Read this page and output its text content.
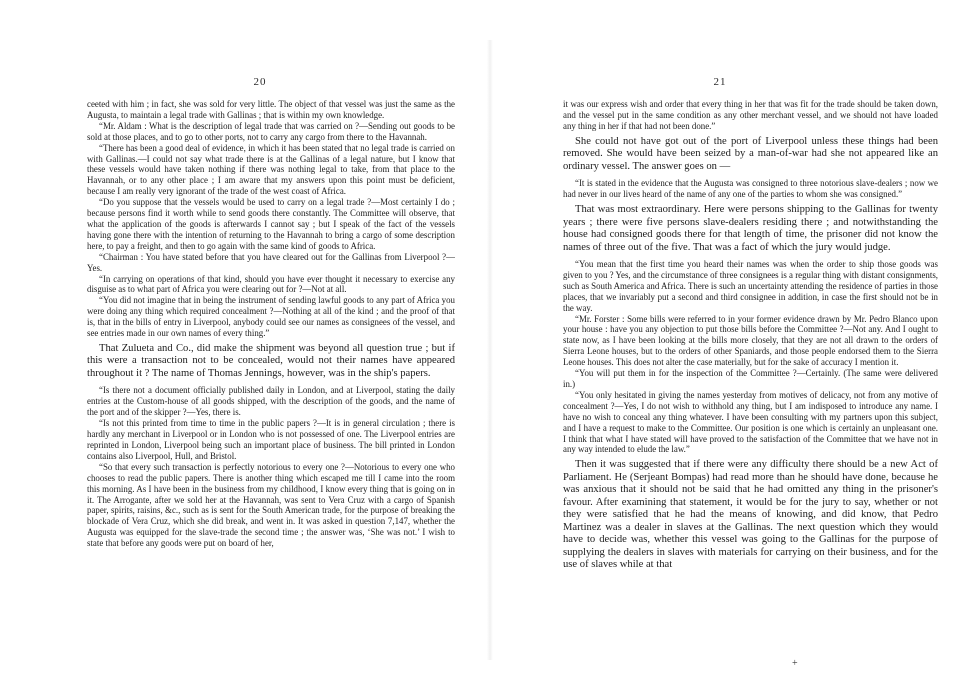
20

ceeted with him ; in fact, she was sold for very little. The object of that vessel was just the same as the Augusta, to maintain a legal trade with Gallinas ; that is within my own knowledge.

“Mr. Aldam : What is the description of legal trade that was carried on ?—Sending out goods to be sold at those places, and to go to other ports, not to carry any cargo from there to the Havannah.

“There has been a good deal of evidence, in which it has been stated that no legal trade is carried on with Gallinas.—I could not say what trade there is at the Gallinas of a legal nature, but I know that these vessels would have taken nothing if there was nothing legal to take, from that place to the Havannah, or to any other place ; I am aware that my answers upon this point must be deficient, because I am really very ignorant of the trade of the west coast of Africa.

“Do you suppose that the vessels would be used to carry on a legal trade ?—Most certainly I do ; because persons find it worth while to send goods there constantly. The Committee will observe, that what the application of the goods is afterwards I cannot say ; but I speak of the fact of the vessels having gone there with the intention of returning to the Havannah to bring a cargo of some description here, to pay a freight, and then to go again with the same kind of goods to Africa.

“Chairman : You have stated before that you have cleared out for the Gallinas from Liverpool ?—Yes.

“In carrying on operations of that kind, should you have ever thought it necessary to exercise any disguise as to what part of Africa you were clearing out for ?—Not at all.

“You did not imagine that in being the instrument of sending lawful goods to any part of Africa you were doing any thing which required concealment ?—Nothing at all of the kind ; and the proof of that is, that in the bills of entry in Liverpool, anybody could see our names as consignees of the vessel, and see entries made in our own names of every thing.”

That Zulueta and Co., did make the shipment was beyond all question true ; but if this were a transaction not to be concealed, would not their names have appeared throughout it ? The name of Thomas Jennings, however, was in the ship's papers.

“Is there not a document officially published daily in London, and at Liverpool, stating the daily entries at the Custom-house of all goods shipped, with the description of the goods, and the name of the port and of the skipper ?—Yes, there is.

“Is not this printed from time to time in the public papers ?—It is in general circulation ; there is hardly any merchant in Liverpool or in London who is not possessed of one. The Liverpool entries are reprinted in London, Liverpool being such an important place of business. The bill printed in London contains also Liverpool, Hull, and Bristol.

“So that every such transaction is perfectly notorious to every one ?—Notorious to every one who chooses to read the public papers. There is another thing which escaped me till I came into the room this morning. As I have been in the business from my childhood, I know every thing that is going on in it. The Arrogante, after we sold her at the Havannah, was sent to Vera Cruz with a cargo of Spanish paper, spirits, raisins, &c., such as is sent for the South American trade, for the purpose of breaking the blockade of Vera Cruz, which she did break, and went in. It was asked in question 7,147, whether the Augusta was equipped for the slave-trade the second time ; the answer was, ‘She was not.’ I wish to state that before any goods were put on board of her,

21

it was our express wish and order that every thing in her that was fit for the trade should be taken down, and the vessel put in the same condition as any other merchant vessel, and we should not have loaded any thing in her if that had not been done.”

She could not have got out of the port of Liverpool unless these things had been removed. She would have been seized by a man-of-war had she not appeared like an ordinary vessel. The answer goes on —

“It is stated in the evidence that the Augusta was consigned to three notorious slave-dealers ; now we had never in our lives heard of the name of any one of the parties to whom she was consigned.”

That was most extraordinary. Here were persons shipping to the Gallinas for twenty years ; there were five persons slave-dealers residing there ; and notwithstanding the house had consigned goods there for that length of time, the prisoner did not know the names of three out of the five. That was a fact of which the jury would judge.

“You mean that the first time you heard their names was when the order to ship those goods was given to you ? Yes, and the circumstance of three consignees is a regular thing with distant consignments, such as South America and Africa. There is such an uncertainty attending the residence of parties in those places, that we invariably put a second and third consignee in addition, in case the first should not be in the way.

“Mr. Forster : Some bills were referred to in your former evidence drawn by Mr. Pedro Blanco upon your house : have you any objection to put those bills before the Committee ?—Not any. And I ought to state now, as I have been looking at the bills more closely, that they are not all drawn to the orders of Sierra Leone houses, but to the orders of other Spaniards, and those people endorsed them to the Sierra Leone houses. This does not alter the case materially, but for the sake of accuracy I mention it.

“You will put them in for the inspection of the Committee ?—Certainly. (The same were delivered in.)

“You only hesitated in giving the names yesterday from motives of delicacy, not from any motive of concealment ?—Yes, I do not wish to withhold any thing, but I am indisposed to introduce any name. I have no wish to conceal any thing whatever. I have been consulting with my partners upon this subject, and I have a request to make to the Committee. Our position is one which is certainly an unpleasant one. I think that what I have stated will have proved to the satisfaction of the Committee that we have not in any way intended to elude the law.”

Then it was suggested that if there were any difficulty there should be a new Act of Parliament. He (Serjeant Bompas) had read more than he should have done, because he was anxious that it should not be said that he had omitted any thing in the prisoner's favour. After examining that statement, it would be for the jury to say, whether or not they were satisfied that he had the means of knowing, and did know, that Pedro Martinez was a dealer in slaves at the Gallinas. The next question which they would have to decide was, whether this vessel was going to the Gallinas for the purpose of supplying the dealers in slaves with materials for carrying on their business, and for the use of slaves while at that

+
